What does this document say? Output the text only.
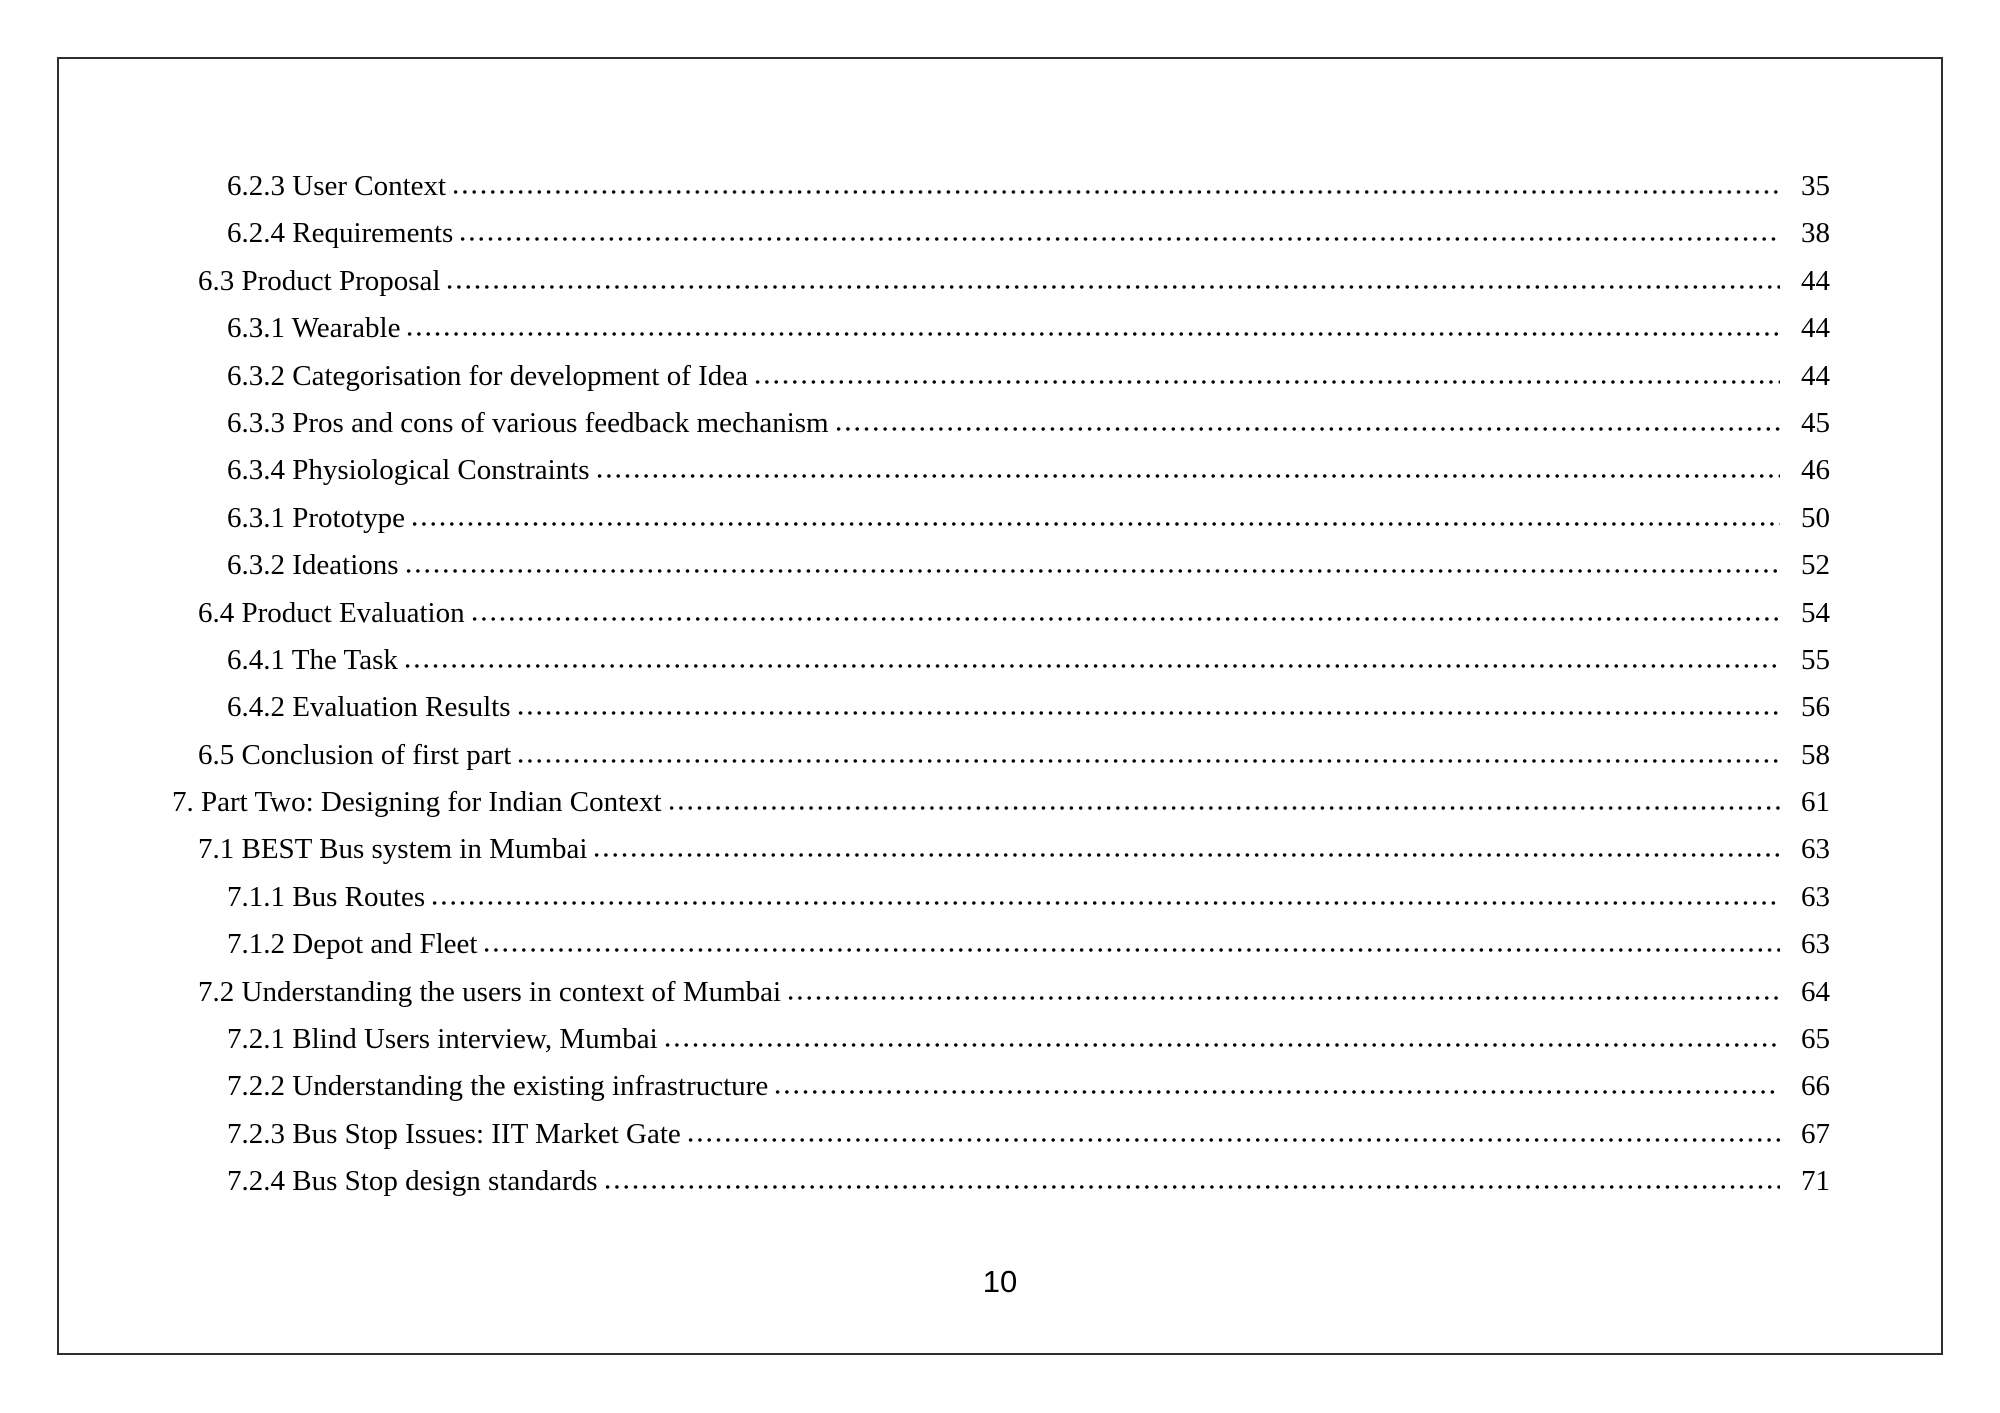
6.2.3 User Context	35
6.2.4 Requirements	38
6.3 Product Proposal	44
6.3.1 Wearable	44
6.3.2 Categorisation for development of Idea	44
6.3.3 Pros and cons of various feedback mechanism	45
6.3.4 Physiological Constraints	46
6.3.1 Prototype	50
6.3.2 Ideations	52
6.4 Product Evaluation	54
6.4.1 The Task	55
6.4.2 Evaluation Results	56
6.5 Conclusion of first part	58
7. Part Two: Designing for Indian Context	61
7.1 BEST Bus system in Mumbai	63
7.1.1 Bus Routes	63
7.1.2 Depot and Fleet	63
7.2 Understanding the users in context of Mumbai	64
7.2.1 Blind Users interview, Mumbai	65
7.2.2 Understanding the existing infrastructure	66
7.2.3 Bus Stop Issues: IIT Market Gate	67
7.2.4 Bus Stop design standards	71
10
